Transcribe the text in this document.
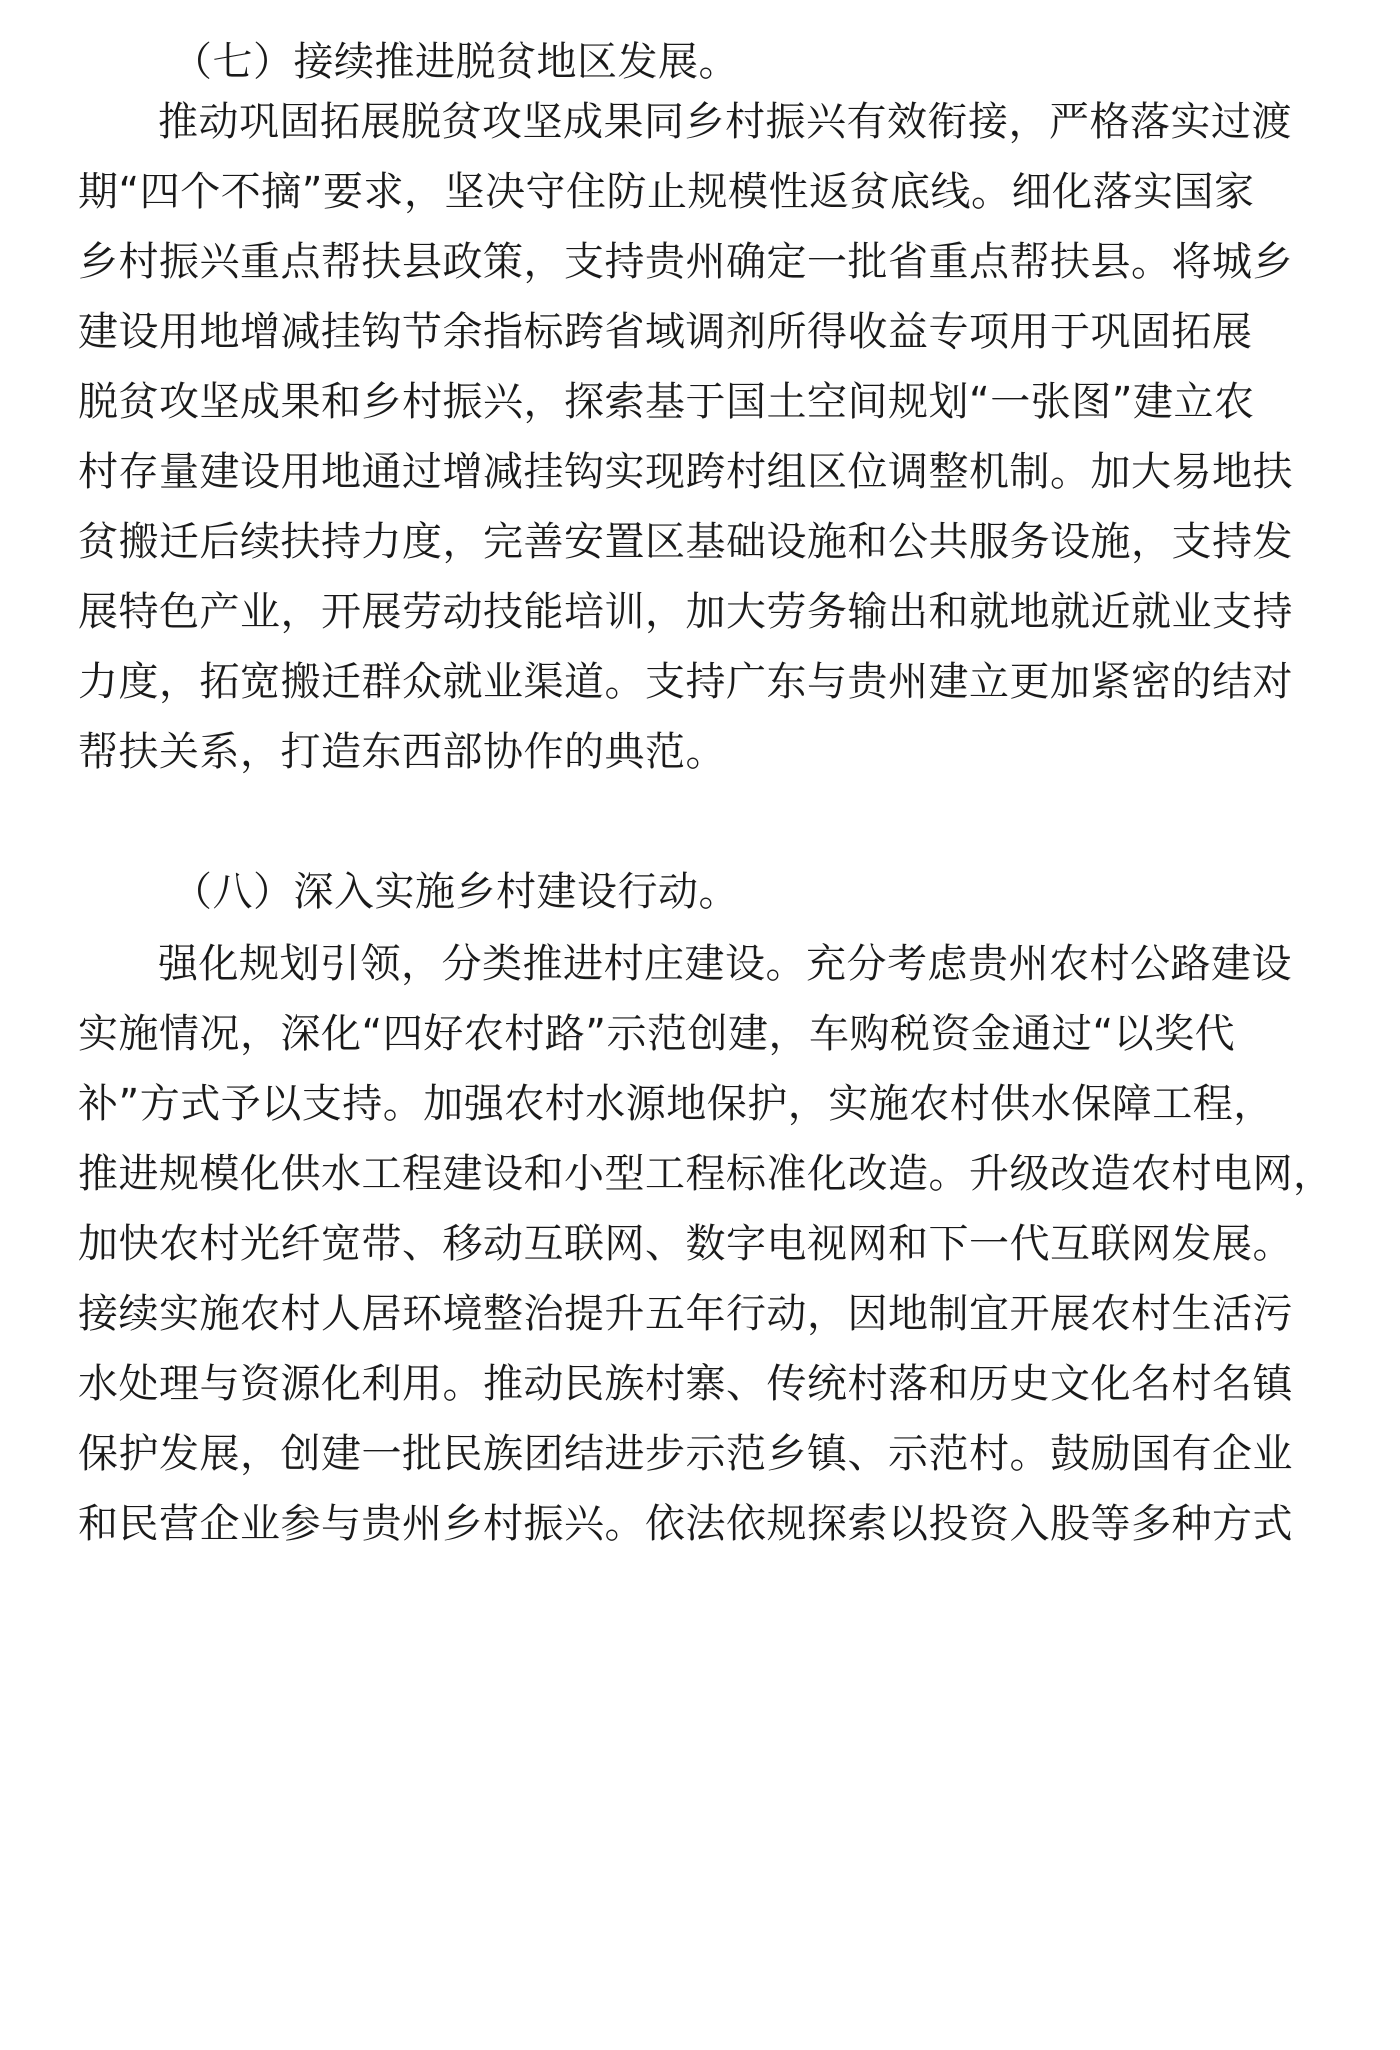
（七）接续推进脱贫地区发展。
推动巩固拓展脱贫攻坚成果同乡村振兴有效衔接，严格落实过渡
期“四个不摘”要求，坚决守住防止规模性返贫底线。细化落实国家
乡村振兴重点帮扶县政策，支持贵州确定一批省重点帮扶县。将城乡
建设用地增减挂钩节余指标跨省域调剂所得收益专项用于巩固拓展
脱贫攻坚成果和乡村振兴，探索基于国土空间规划“一张图”建立农
村存量建设用地通过增减挂钩实现跨村组区位调整机制。加大易地扶
贫搬迁后续扶持力度，完善安置区基础设施和公共服务设施，支持发
展特色产业，开展劳动技能培训，加大劳务输出和就地就近就业支持
力度，拓宽搬迁群众就业渠道。支持广东与贵州建立更加紧密的结对
帮扶关系，打造东西部协作的典范。
（八）深入实施乡村建设行动。
强化规划引领，分类推进村庄建设。充分考虑贵州农村公路建设
实施情况，深化“四好农村路”示范创建，车购税资金通过“以奖代
补”方式予以支持。加强农村水源地保护，实施农村供水保障工程，
推进规模化供水工程建设和小型工程标准化改造。升级改造农村电网，
加快农村光纤宽带、移动互联网、数字电视网和下一代互联网发展。
接续实施农村人居环境整治提升五年行动，因地制宜开展农村生活污
水处理与资源化利用。推动民族村寨、传统村落和历史文化名村名镇
保护发展，创建一批民族团结进步示范乡镇、示范村。鼓励国有企业
和民营企业参与贵州乡村振兴。依法依规探索以投资入股等多种方式
